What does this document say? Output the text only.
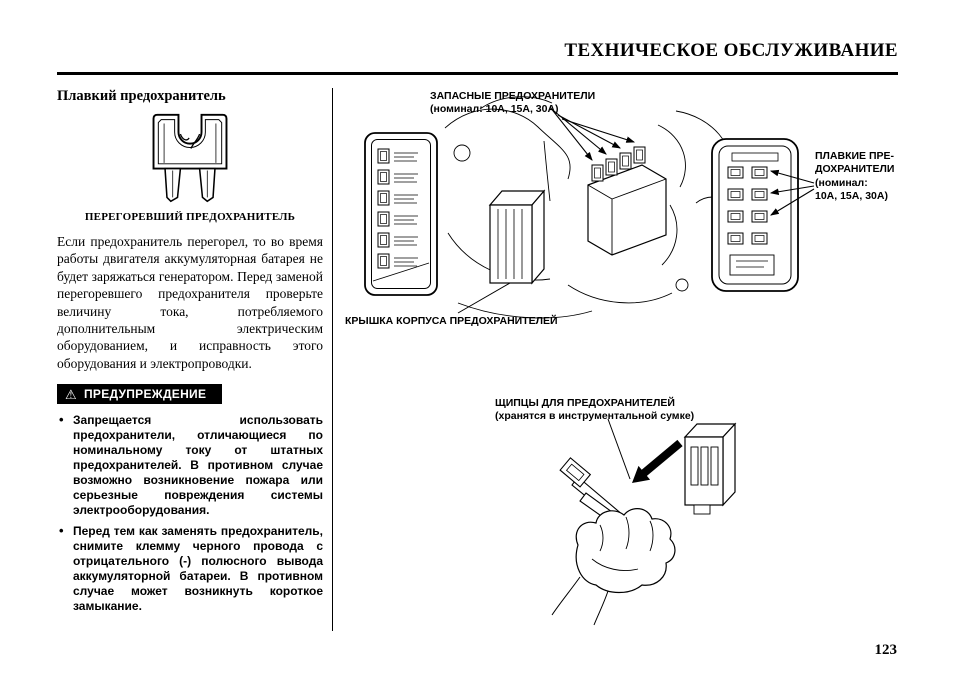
ТЕХНИЧЕСКОЕ ОБСЛУЖИВАНИЕ
Плавкий предохранитель
ПЕРЕГОРЕВШИЙ ПРЕДОХРАНИТЕЛЬ

Если предохранитель перегорел, то во время работы двигателя аккумуляторная батарея не будет заряжаться генератором. Перед заменой перегоревшего предохранителя проверьте величину тока, потребляемого дополнительным электрическим оборудованием, и исправность этого оборудования и электропроводки.

⚠ ПРЕДУПРЕЖДЕНИЕ
• Запрещается использовать предохранители, отличающиеся по номинальному току от штатных предохранителей. В противном случае возможно возникновение пожара или серьезные повреждения системы электрооборудования.
• Перед тем как заменять предохранитель, снимите клемму черного провода с отрицательного (-) полюсного вывода аккумуляторной батареи. В противном случае может возникнуть короткое замыкание.
ЗАПАСНЫЕ ПРЕДОХРАНИТЕЛИ
(номинал: 10А, 15А, 30А)
ПЛАВКИЕ ПРЕ-
ДОХРАНИТЕЛИ
(номинал:
10А, 15А, 30А)
КРЫШКА КОРПУСА ПРЕДОХРАНИТЕЛЕЙ
ЩИПЦЫ ДЛЯ ПРЕДОХРАНИТЕЛЕЙ
(хранятся в инструментальной сумке)
123
